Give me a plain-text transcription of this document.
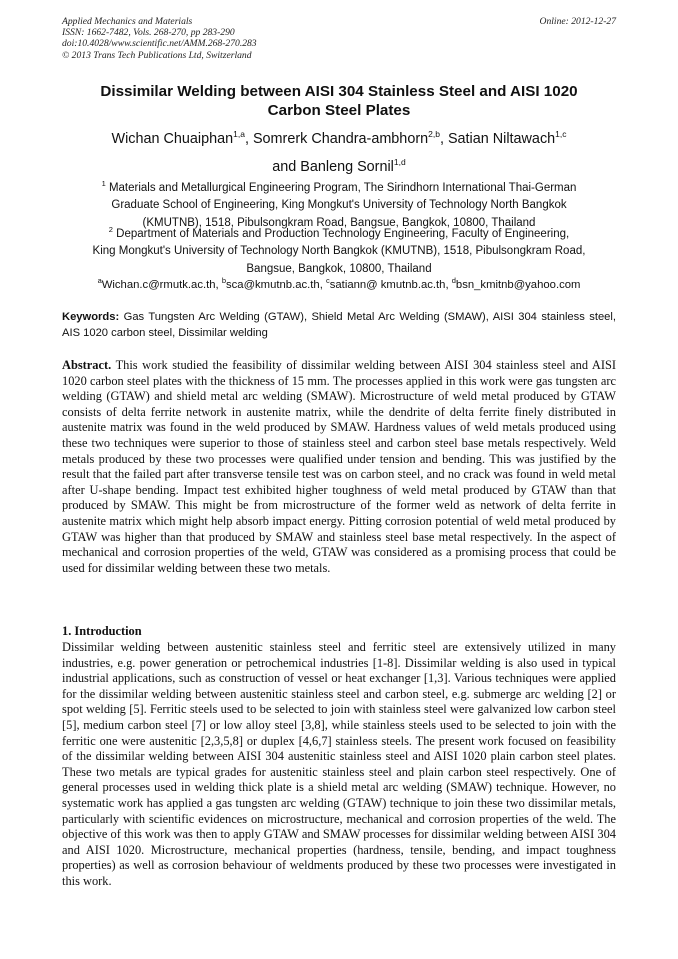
Applied Mechanics and Materials
ISSN: 1662-7482, Vols. 268-270, pp 283-290
doi:10.4028/www.scientific.net/AMM.268-270.283
© 2013 Trans Tech Publications Ltd, Switzerland
Online: 2012-12-27
Dissimilar Welding between AISI 304 Stainless Steel and AISI 1020
Carbon Steel Plates
Wichan Chuaiphan$^{1,a}$, Somrerk Chandra-ambhorn$^{2,b}$, Satian Niltawach$^{1,c}$
and Banleng Sornil$^{1,d}$
$^1$ Materials and Metallurgical Engineering Program, The Sirindhorn International Thai-German
Graduate School of Engineering, King Mongkut's University of Technology North Bangkok
(KMUTNB), 1518, Pibulsongkram Road, Bangsue, Bangkok, 10800, Thailand
$^2$ Department of Materials and Production Technology Engineering, Faculty of Engineering,
King Mongkut's University of Technology North Bangkok (KMUTNB), 1518, Pibulsongkram Road,
Bangsue, Bangkok, 10800, Thailand
$^a$Wichan.c@rmutk.ac.th, $^b$sca@kmutnb.ac.th, $^c$satiann@ kmutnb.ac.th, $^d$bsn_kmitnb@yahoo.com
Keywords: Gas Tungsten Arc Welding (GTAW), Shield Metal Arc Welding (SMAW), AISI 304 stainless steel, AIS 1020 carbon steel, Dissimilar welding
Abstract. This work studied the feasibility of dissimilar welding between AISI 304 stainless steel and AISI 1020 carbon steel plates with the thickness of 15 mm. The processes applied in this work were gas tungsten arc welding (GTAW) and shield metal arc welding (SMAW). Microstructure of weld metal produced by GTAW consists of delta ferrite network in austenite matrix, while the dendrite of delta ferrite finely distributed in austenite matrix was found in the weld produced by SMAW. Hardness values of weld metals produced using these two techniques were superior to those of stainless steel and carbon steel base metals respectively. Weld metals produced by these two processes were qualified under tension and bending. This was justified by the result that the failed part after transverse tensile test was on carbon steel, and no crack was found in weld metal after U-shape bending. Impact test exhibited higher toughness of weld metal produced by GTAW than that produced by SMAW. This might be from microstructure of the former weld as network of delta ferrite in austenite matrix which might help absorb impact energy. Pitting corrosion potential of weld metal produced by GTAW was higher than that produced by SMAW and stainless steel base metal respectively. In the aspect of mechanical and corrosion properties of the weld, GTAW was considered as a promising process that could be used for dissimilar welding between these two metals.
1. Introduction
Dissimilar welding between austenitic stainless steel and ferritic steel are extensively utilized in many industries, e.g. power generation or petrochemical industries [1-8]. Dissimilar welding is also used in typical industrial applications, such as construction of vessel or heat exchanger [1,3]. Various techniques were applied for the dissimilar welding between austenitic stainless steel and carbon steel, e.g. submerge arc welding [2] or spot welding [5]. Ferritic steels used to be selected to join with stainless steel were galvanized low carbon steel [5], medium carbon steel [7] or low alloy steel [3,8], while stainless steels used to be selected to join with the ferritic one were austenitic [2,3,5,8] or duplex [4,6,7] stainless steels. The present work focused on feasibility of the dissimilar welding between AISI 304 austenitic stainless steel and AISI 1020 plain carbon steel plates. These two metals are typical grades for austenitic stainless steel and plain carbon steel respectively. One of general processes used in welding thick plate is a shield metal arc welding (SMAW) technique. However, no systematic work has applied a gas tungsten arc welding (GTAW) technique to join these two dissimilar metals, particularly with scientific evidences on microstructure, mechanical and corrosion properties of the weld. The objective of this work was then to apply GTAW and SMAW processes for dissimilar welding between AISI 304 and AISI 1020. Microstructure, mechanical properties (hardness, tensile, bending, and impact toughness properties) as well as corrosion behaviour of weldments produced by these two processes were investigated in this work.
